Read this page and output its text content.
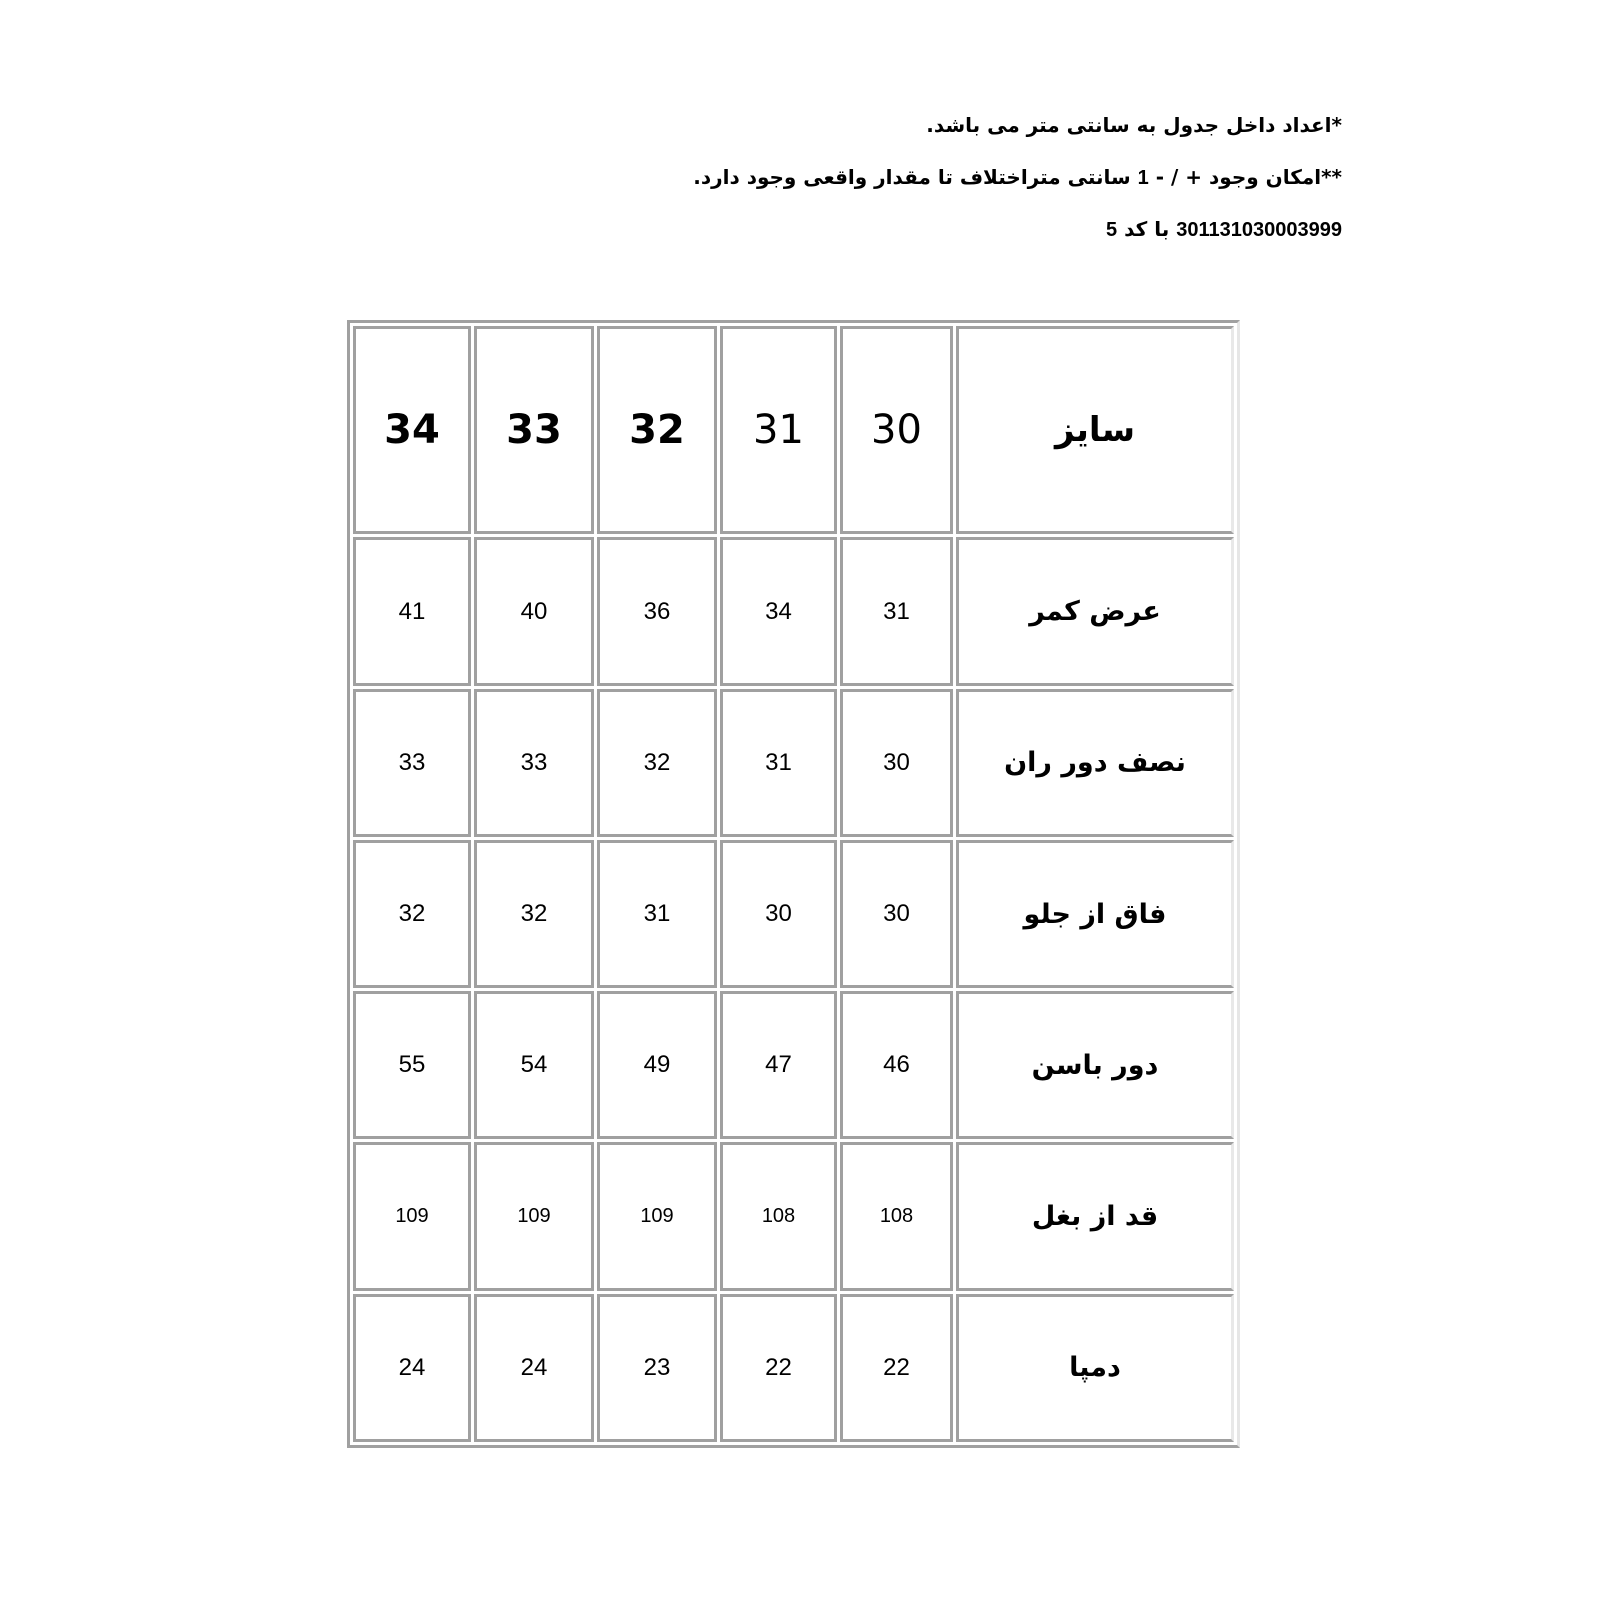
*اعداد داخل جدول به سانتی متر می باشد.
**امکان وجود + / - 1 سانتی متراختلاف تا مقدار واقعی وجود دارد.
301131030003999 با کد 5
34	33	32	31	30	سایز
41	40	36	34	31	عرض کمر
33	33	32	31	30	نصف دور ران
32	32	31	30	30	فاق از جلو
55	54	49	47	46	دور باسن
109	109	109	108	108	قد از بغل
24	24	23	22	22	دمپا
